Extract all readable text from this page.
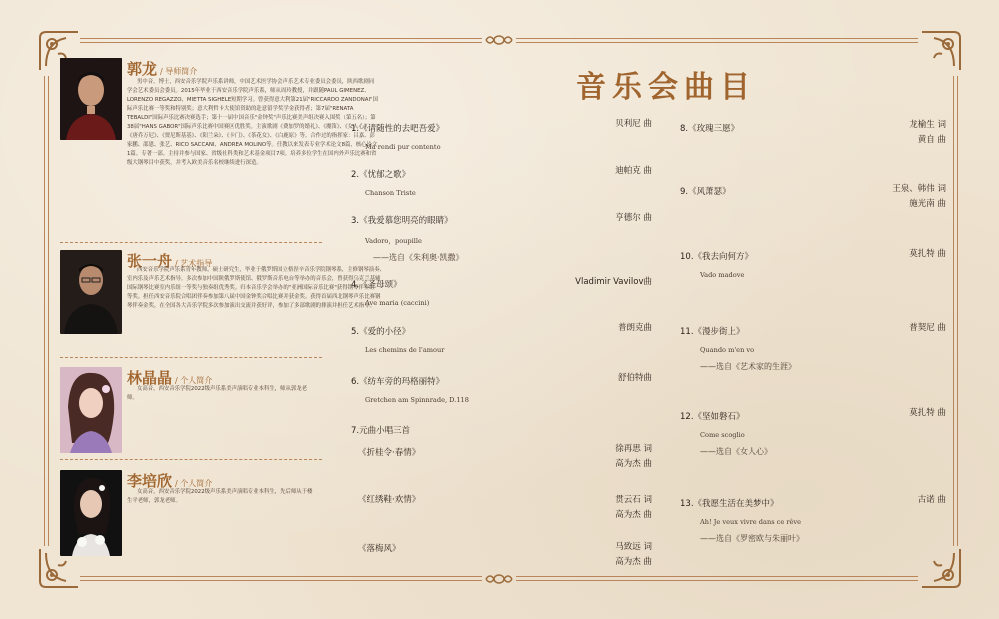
郭龙 / 导师简介
男中音，博士，西安音乐学院声乐系讲师，中国艺术医学协会声乐艺术专业委员会委员，陕西歌剧同学会艺术委员会委员。2015年毕业于西安音乐学院声乐系，师从周玲教授，并跟随PAUL GIMENEZ、LORENZO REGAZZO、MIETTA SIGHELE短期学习。曾获得意大利第21届"RICCARDO ZANDONAI"国际声乐比赛一等奖和特别奖；意大利哲卡大使馆资助的赴意留学奖学金获得者；第7届"RENATA TEBALDI"国际声乐比赛决赛选手；第十一届中国音乐"金钟奖"声乐比赛美声组决赛入围奖（第五名）；第38届"HANS GABOR"国际声乐比赛中国赛区优胜奖。主演歌剧《费加罗的婚礼》、《魔笛》、《女人心》、《唐乔万尼》、《贾尼斯基基》、《阳兰朵》、《卡门》、《茶花女》、《白鹿原》等。合作过的指挥家：吕嘉、彭家鹏、邵恩、张艺、RICO SACCANI、ANDREA MOLINO等。任教以来发表专业学术论文8篇，核心论文1篇。专著一部。主持并参与国家、省级社科类和艺术基金项目7项。培养多位学生在国内外声乐比赛和省级大钢琴目中获奖，并考入欧美音乐名校继续进行深造。
张一舟 / 艺术指导
西安音乐学院声乐系青年教师，硕士研究生，毕业于俄罗斯国立格涅辛音乐学院钢琴系，主修钢琴演奏、室内乐及声乐艺术指导。多次参加中国陕俄罗斯使馆、俄罗斯音乐电台等举办的音乐会，曾获得乌克兰基辅国际钢琴比赛室内乐组一等奖与独奏组优秀奖。归本音乐学会举办的"亚洲国际音乐比赛"获得钢琴伴奏组一等奖。担任西安音乐院合唱团伴奏参加第八届中国金钟奖合唱比赛并获金奖。获得首届西北钢琴声乐比赛钢琴伴奏金奖。在全国各大音乐学院多次参加演出交流并获好评，参加了多部歌剧的排演并担任艺术指导。
林晶晶 / 个人简介
女高音，西安音乐学院2022级声乐系美声演唱专业本科生，师从郭龙老师。
李培欣 / 个人简介
女高音，西安音乐学院2022级声乐系美声演唱专业本科生，先后师从于楼生平老师，郭龙老师。
音乐会曲目
1.《请随性的去吧吾爱》
Ma rendi pur contento
贝利尼 曲
2.《忧郁之歌》
Chanson Triste
迪帕克 曲
3.《我爱慕您明亮的眼睛》
Vadoro，poupille
——选自《朱利奥·凯撒》
亨德尔 曲
4.《圣母颂》
Ave maria (caccini)
Vladimir Vavilov曲
5.《爱的小径》
Les chemins de l'amour
普朗克曲
6.《纺车旁的玛格丽特》
Gretchen am Spinnrade, D.118
舒伯特曲
7.元曲小唱三首
《折桂令·春情》	徐再思 词
高为杰 曲
《红绣鞋·欢情》	贯云石 词
高为杰 曲
《落梅风》	马致远 词
高为杰 曲
8.《玫瑰三愿》	龙榆生 词
黄自 曲
9.《风萧瑟》	王泉、韩伟 词
施光南 曲
10.《我去向何方》
Vado madove
莫扎特 曲
11.《漫步街上》
Quando m'en vo
——选自《艺术家的生涯》
普契尼 曲
12.《坚如磐石》
Come scoglio
——选自《女人心》
莫扎特 曲
13.《我愿生活在美梦中》
Ah! Je veux vivre dans ce rêve
——选自《罗密欧与朱丽叶》
古诺 曲
